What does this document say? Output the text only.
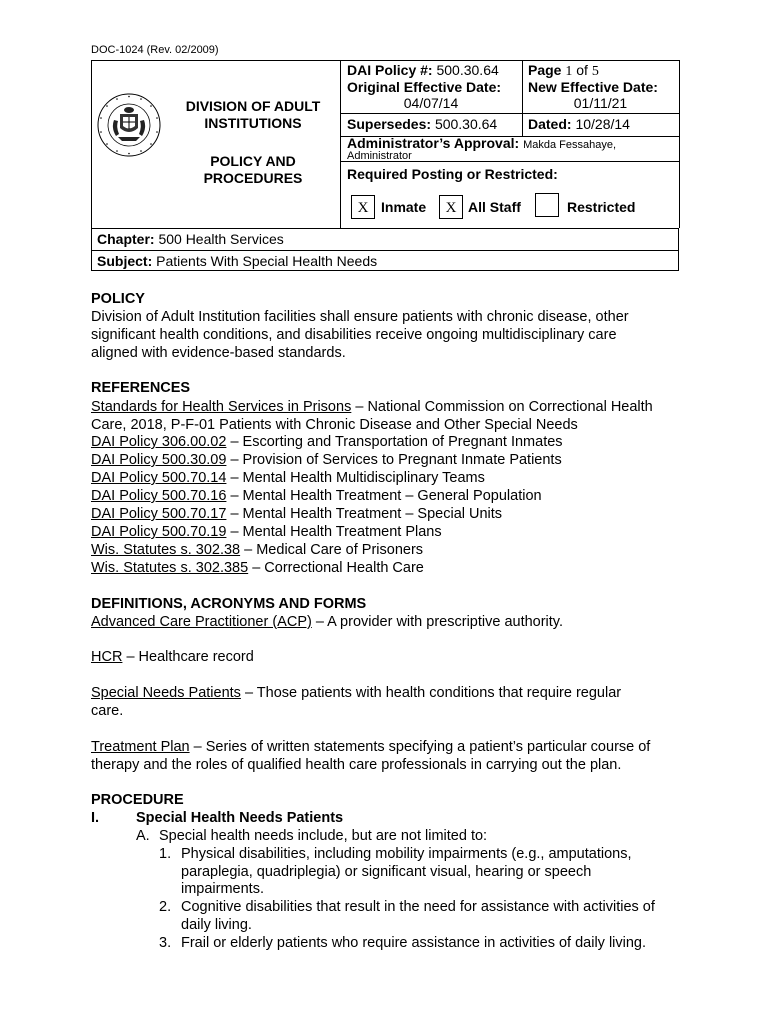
DOC-1024 (Rev. 02/2009)
DIVISION OF ADULT
INSTITUTIONS
POLICY AND
PROCEDURES
DAI Policy #: 500.30.64 Page 1 of 5
Original Effective Date:
04/07/14
New Effective Date:
01/11/21
Supersedes: 500.30.64 Dated: 10/28/14
Administrator’s Approval: Makda Fessahaye,
Administrator
Required Posting or Restricted:
X Inmate	X All Staff	Restricted
Chapter: 500 Health Services
Subject: Patients With Special Health Needs
POLICY
Division of Adult Institution facilities shall ensure patients with chronic disease, other
significant health conditions, and disabilities receive ongoing multidisciplinary care
aligned with evidence-based standards.
REFERENCES
Standards for Health Services in Prisons – National Commission on Correctional Health
Care, 2018, P-F-01 Patients with Chronic Disease and Other Special Needs
DAI Policy 306.00.02 – Escorting and Transportation of Pregnant Inmates
DAI Policy 500.30.09 – Provision of Services to Pregnant Inmate Patients
DAI Policy 500.70.14 – Mental Health Multidisciplinary Teams
DAI Policy 500.70.16 – Mental Health Treatment – General Population
DAI Policy 500.70.17 – Mental Health Treatment – Special Units
DAI Policy 500.70.19 – Mental Health Treatment Plans
Wis. Statutes s. 302.38 – Medical Care of Prisoners
Wis. Statutes s. 302.385 – Correctional Health Care
DEFINITIONS, ACRONYMS AND FORMS
Advanced Care Practitioner (ACP) – A provider with prescriptive authority.
HCR – Healthcare record
Special Needs Patients – Those patients with health conditions that require regular
care.
Treatment Plan – Series of written statements specifying a patient’s particular course of
therapy and the roles of qualified health care professionals in carrying out the plan.
PROCEDURE
I.	Special Health Needs Patients
A. Special health needs include, but are not limited to:
1. Physical disabilities, including mobility impairments (e.g., amputations,
paraplegia, quadriplegia) or significant visual, hearing or speech
impairments.
2. Cognitive disabilities that result in the need for assistance with activities of
daily living.
3. Frail or elderly patients who require assistance in activities of daily living.
